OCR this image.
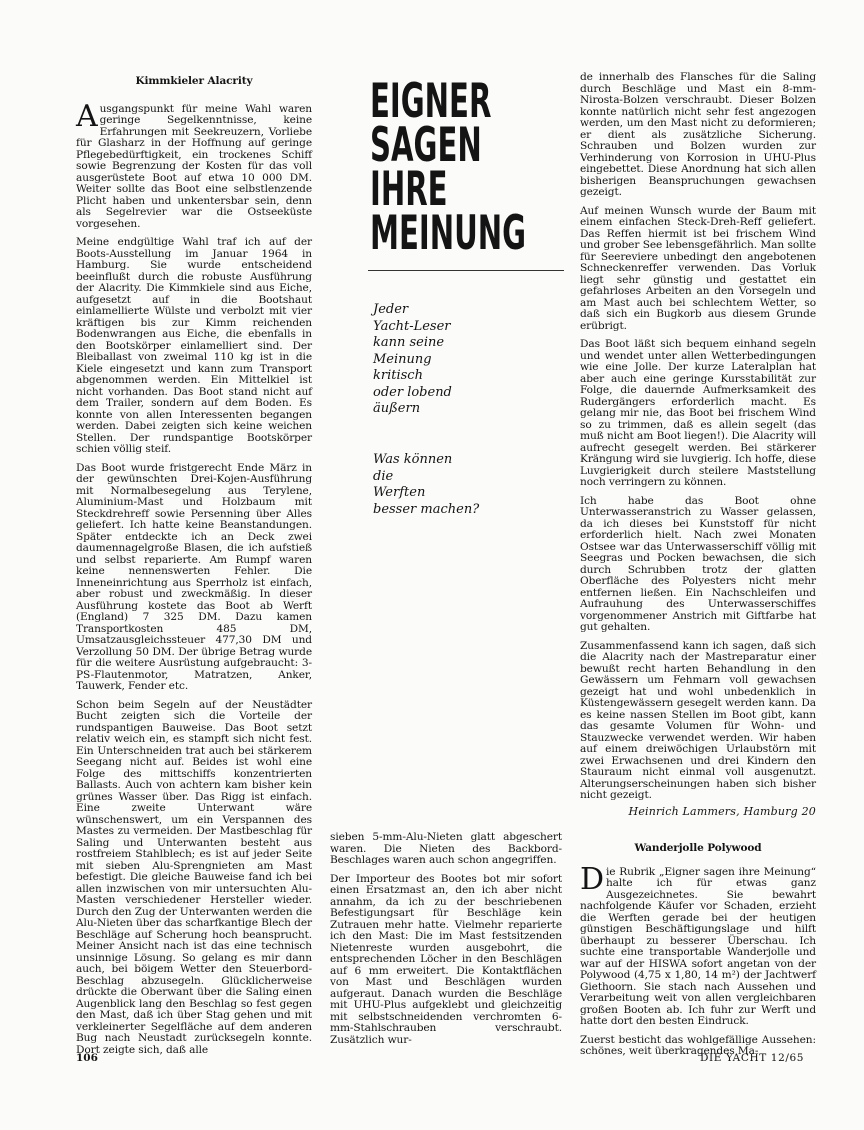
Kimmkieler Alacrity

Ausgangspunkt für meine Wahl waren geringe Segelkenntnisse, keine Erfahrungen mit Seekreuzern, Vorliebe für Glasharz in der Hoffnung auf geringe Pflegebedürftigkeit, ein trockenes Schiff sowie Begrenzung der Kosten für das voll ausgerüstete Boot auf etwa 10 000 DM. Weiter sollte das Boot eine selbstlenzende Plicht haben und unkentersbar sein, denn als Segelrevier war die Ostseeküste vorgesehen.

Meine endgültige Wahl traf ich auf der Boots-Ausstellung im Januar 1964 in Hamburg. Sie wurde entscheidend beeinflußt durch die robuste Ausführung der Alacrity. Die Kimmkiele sind aus Eiche, aufgesetzt auf in die Bootshaut einlamellierte Wülste und verbolzt mit vier kräftigen bis zur Kimm reichenden Bodenwrangen aus Eiche, die ebenfalls in den Bootskörper einlamelliert sind. Der Bleiballast von zweimal 110 kg ist in die Kiele eingesetzt und kann zum Transport abgenommen werden. Ein Mittelkiel ist nicht vorhanden. Das Boot stand nicht auf dem Trailer, sondern auf dem Boden. Es konnte von allen Interessenten begangen werden. Dabei zeigten sich keine weichen Stellen. Der rundspantige Bootskörper schien völlig steif.

Das Boot wurde fristgerecht Ende März in der gewünschten Drei-Kojen-Ausführung mit Normalbesegelung aus Terylene, Aluminium-Mast und Holzbaum mit Steckdrehreff sowie Persenning über Alles geliefert. Ich hatte keine Beanstandungen. Später entdeckte ich an Deck zwei daumennagelgroße Blasen, die ich aufstieß und selbst reparierte. Am Rumpf waren keine nennenswerten Fehler. Die Inneneinrichtung aus Sperrholz ist einfach, aber robust und zweckmäßig. In dieser Ausführung kostete das Boot ab Werft (England) 7 325 DM. Dazu kamen Transportkosten 485 DM, Umsatzausgleichssteuer 477,30 DM und Verzollung 50 DM. Der übrige Betrag wurde für die weitere Ausrüstung aufgebraucht: 3-PS-Flautenmotor, Matratzen, Anker, Tauwerk, Fender etc.

Schon beim Segeln auf der Neustädter Bucht zeigten sich die Vorteile der rundspantigen Bauweise. Das Boot setzt relativ weich ein, es stampft sich nicht fest. Ein Unterschneiden trat auch bei stärkerem Seegang nicht auf. Beides ist wohl eine Folge des mittschiffs konzentrierten Ballasts. Auch von achtern kam bisher kein grünes Wasser über. Das Rigg ist einfach. Eine zweite Unterwant wäre wünschenswert, um ein Verspannen des Mastes zu vermeiden. Der Mastbeschlag für Saling und Unterwanten besteht aus rostfreiem Stahlblech; es ist auf jeder Seite mit sieben Alu-Sprengnieten am Mast befestigt. Die gleiche Bauweise fand ich bei allen inzwischen von mir untersuchten Alu-Masten verschiedener Hersteller wieder. Durch den Zug der Unterwanten werden die Alu-Nieten über das scharfkantige Blech der Beschläge auf Scherung hoch beansprucht. Meiner Ansicht nach ist das eine technisch unsinnige Lösung. So gelang es mir dann auch, bei böigem Wetter den Steuerbord-Beschlag abzusegeln. Glücklicherweise drückte die Oberwant über die Saling einen Augenblick lang den Beschlag so fest gegen den Mast, daß ich über Stag gehen und mit verkleinerter Segelfläche auf dem anderen Bug nach Neustadt zurücksegeln konnte. Dort zeigte sich, daß alle

EIGNER
SAGEN
IHRE
MEINUNG
Jeder
Yacht-Leser
kann seine
Meinung
kritisch
oder lobend
äußern
Was können
die
Werften
besser machen?

sieben 5-mm-Alu-Nieten glatt abgeschert waren. Die Nieten des Backbord-Beschlages waren auch schon angegriffen.

Der Importeur des Bootes bot mir sofort einen Ersatzmast an, den ich aber nicht annahm, da ich zu der beschriebenen Befestigungsart für Beschläge kein Zutrauen mehr hatte. Vielmehr reparierte ich den Mast: Die im Mast festsitzenden Nietenreste wurden ausgebohrt, die entsprechenden Löcher in den Beschlägen auf 6 mm erweitert. Die Kontaktflächen von Mast und Beschlägen wurden aufgeraut. Danach wurden die Beschläge mit UHU-Plus aufgeklebt und gleichzeitig mit selbstschneidenden verchromten 6-mm-Stahlschrauben verschraubt. Zusätzlich wur-

de innerhalb des Flansches für die Saling durch Beschläge und Mast ein 8-mm-Nirosta-Bolzen verschraubt. Dieser Bolzen konnte natürlich nicht sehr fest angezogen werden, um den Mast nicht zu deformieren; er dient als zusätzliche Sicherung. Schrauben und Bolzen wurden zur Verhinderung von Korrosion in UHU-Plus eingebettet. Diese Anordnung hat sich allen bisherigen Beanspruchungen gewachsen gezeigt.

Auf meinen Wunsch wurde der Baum mit einem einfachen Steck-Dreh-Reff geliefert. Das Reffen hiermit ist bei frischem Wind und grober See lebensgefährlich. Man sollte für Seereviere unbedingt den angebotenen Schneckenreffer verwenden. Das Vorluk liegt sehr günstig und gestattet ein gefahrloses Arbeiten an den Vorsegeln und am Mast auch bei schlechtem Wetter, so daß sich ein Bugkorb aus diesem Grunde erübrigt.

Das Boot läßt sich bequem einhand segeln und wendet unter allen Wetterbedingungen wie eine Jolle. Der kurze Lateralplan hat aber auch eine geringe Kursstabilität zur Folge, die dauernde Aufmerksamkeit des Rudergängers erforderlich macht. Es gelang mir nie, das Boot bei frischem Wind so zu trimmen, daß es allein segelt (das muß nicht am Boot liegen!). Die Alacrity will aufrecht gesegelt werden. Bei stärkerer Krängung wird sie luvgierig. Ich hoffe, diese Luvgierigkeit durch steilere Maststellung noch verringern zu können.

Ich habe das Boot ohne Unterwasseranstrich zu Wasser gelassen, da ich dieses bei Kunststoff für nicht erforderlich hielt. Nach zwei Monaten Ostsee war das Unterwasserschiff völlig mit Seegras und Pocken bewachsen, die sich durch Schrubben trotz der glatten Oberfläche des Polyesters nicht mehr entfernen ließen. Ein Nachschleifen und Aufrauhung des Unterwasserschiffes vorgenommener Anstrich mit Giftfarbe hat gut gehalten.

Zusammenfassend kann ich sagen, daß sich die Alacrity nach der Mastreparatur einer bewußt recht harten Behandlung in den Gewässern um Fehmarn voll gewachsen gezeigt hat und wohl unbedenklich in Küstengewässern gesegelt werden kann. Da es keine nassen Stellen im Boot gibt, kann das gesamte Volumen für Wohn- und Stauzwecke verwendet werden. Wir haben auf einem dreiwöchigen Urlaubstörn mit zwei Erwachsenen und drei Kindern den Stauraum nicht einmal voll ausgenutzt. Alterungserscheinungen haben sich bisher nicht gezeigt.

Heinrich Lammers, Hamburg 20
Wanderjolle Polywood

Die Rubrik „Eigner sagen ihre Meinung“ halte ich für etwas ganz Ausgezeichnetes. Sie bewahrt nachfolgende Käufer vor Schaden, erzieht die Werften gerade bei der heutigen günstigen Beschäftigungslage und hilft überhaupt zu besserer Überschau. Ich suchte eine transportable Wanderjolle und war auf der HISWA sofort angetan von der Polywood (4,75 x 1,80, 14 m²) der Jachtwerf Giethoorn. Sie stach nach Aussehen und Verarbeitung weit von allen vergleichbaren großen Booten ab. Ich fuhr zur Werft und hatte dort den besten Eindruck.

Zuerst besticht das wohlgefällige Aussehen: schönes, weit überkragendes Ma-

106	DIE YACHT 12/65
